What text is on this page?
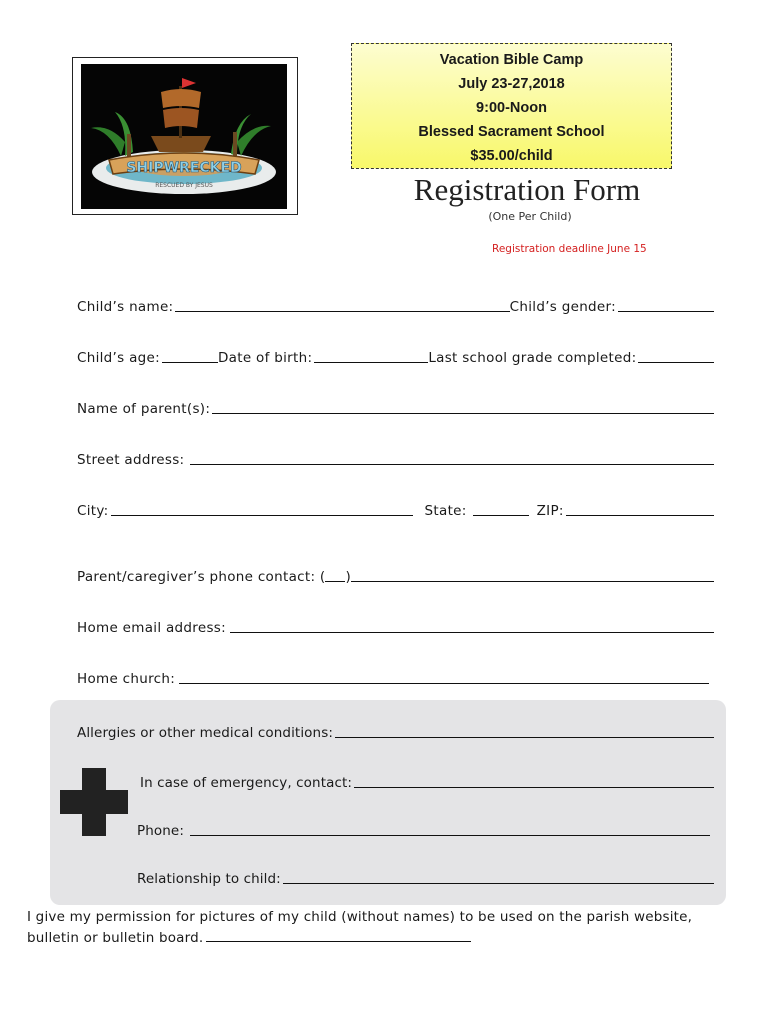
SHIPWRECKED
RESCUED BY JESUS
Vacation Bible Camp
July 23-27,2018
9:00-Noon
Blessed Sacrament School
$35.00/child
Registration Form
(One Per Child)
Registration deadline June 15
Child’s name:	Child’s gender:
Child’s age:	Date of birth:	Last school grade completed:
Name of parent(s):
Street address:
City:	State:	ZIP:
Parent/caregiver’s phone contact: ( )
Home email address:
Home church:
Allergies or other medical conditions:
In case of emergency, contact:
Phone:
Relationship to child:
I give my permission for pictures of my child (without names) to be used on the parish website, bulletin or bulletin board.
